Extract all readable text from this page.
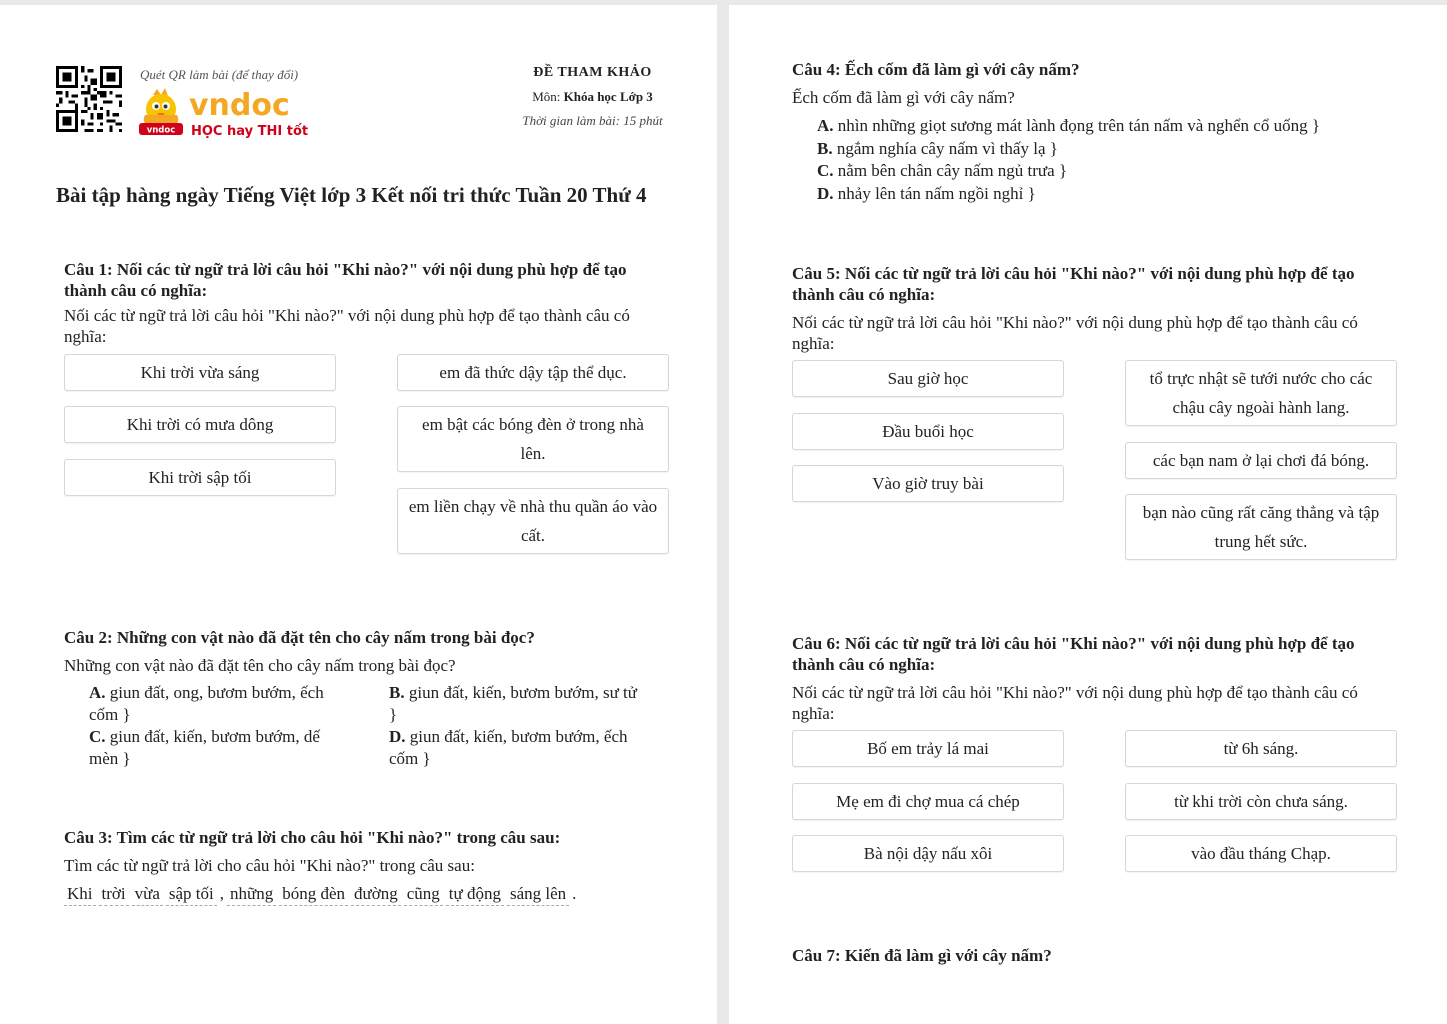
Quét QR làm bài (để thay đổi)
vndoc
vndoc HỌC hay THI tốt
ĐỀ THAM KHẢO
Môn: Khóa học Lớp 3
Thời gian làm bài: 15 phút
Bài tập hàng ngày Tiếng Việt lớp 3 Kết nối tri thức Tuần 20 Thứ 4
Câu 1: Nối các từ ngữ trả lời câu hỏi "Khi nào?" với nội dung phù hợp để tạo
thành câu có nghĩa:
Nối các từ ngữ trả lời câu hỏi "Khi nào?" với nội dung phù hợp để tạo thành câu có
nghĩa:
Khi trời vừa sáng
Khi trời có mưa dông
Khi trời sập tối
em đã thức dậy tập thể dục.
em bật các bóng đèn ở trong nhà lên.
em liền chạy về nhà thu quần áo vào cất.
Câu 2: Những con vật nào đã đặt tên cho cây nấm trong bài đọc?
Những con vật nào đã đặt tên cho cây nấm trong bài đọc?
A. giun đất, ong, bươm bướm, ếch
cốm }
B. giun đất, kiến, bươm bướm, sư tử
}
C. giun đất, kiến, bươm bướm, dế
mèn }
D. giun đất, kiến, bươm bướm, ếch
cốm }
Câu 3: Tìm các từ ngữ trả lời cho câu hỏi "Khi nào?" trong câu sau:
Tìm các từ ngữ trả lời cho câu hỏi "Khi nào?" trong câu sau:
Khi trời vừa sập tối , những bóng đèn đường cũng tự động sáng lên .
Câu 4: Ếch cốm đã làm gì với cây nấm?
Ếch cốm đã làm gì với cây nấm?
A. nhìn những giọt sương mát lành đọng trên tán nấm và nghển cổ uống }
B. ngắm nghía cây nấm vì thấy lạ }
C. nằm bên chân cây nấm ngủ trưa }
D. nhảy lên tán nấm ngồi nghỉ }
Câu 5: Nối các từ ngữ trả lời câu hỏi "Khi nào?" với nội dung phù hợp để tạo
thành câu có nghĩa:
Nối các từ ngữ trả lời câu hỏi "Khi nào?" với nội dung phù hợp để tạo thành câu có
nghĩa:
Sau giờ học
Đầu buổi học
Vào giờ truy bài
tổ trực nhật sẽ tưới nước cho các chậu cây ngoài hành lang.
các bạn nam ở lại chơi đá bóng.
bạn nào cũng rất căng thẳng và tập trung hết sức.
Câu 6: Nối các từ ngữ trả lời câu hỏi "Khi nào?" với nội dung phù hợp để tạo
thành câu có nghĩa:
Nối các từ ngữ trả lời câu hỏi "Khi nào?" với nội dung phù hợp để tạo thành câu có
nghĩa:
Bố em trảy lá mai
Mẹ em đi chợ mua cá chép
Bà nội dậy nấu xôi
từ 6h sáng.
từ khi trời còn chưa sáng.
vào đầu tháng Chạp.
Câu 7: Kiến đã làm gì với cây nấm?
